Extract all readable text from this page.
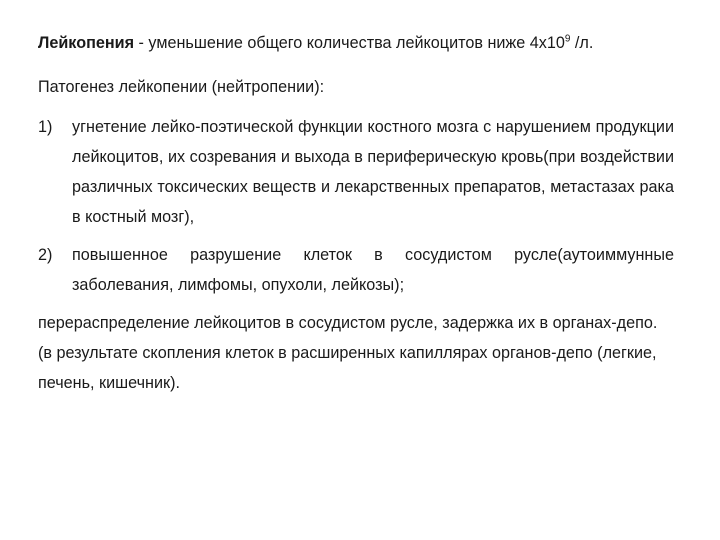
Лейкопения - уменьшение общего количества лейкоцитов ниже $4х10^9$ /л.

Патогенез лейкопении (нейтропении):

1)	угнетение лейко-поэтической функции костного мозга с нарушением продукции лейкоцитов, их созревания и выхода в периферическую кровь(при воздействии различных токсических веществ и лекарственных препаратов, метастазах рака в костный мозг),
2)	повышенное разрушение клеток в сосудистом русле(аутоиммунные заболевания, лимфомы, опухоли, лейкозы);

перераспределение лейкоцитов в сосудистом русле, задержка их в органах-депо. (в результате скопления клеток в расширенных капиллярах органов-депо (легкие, печень, кишечник).
